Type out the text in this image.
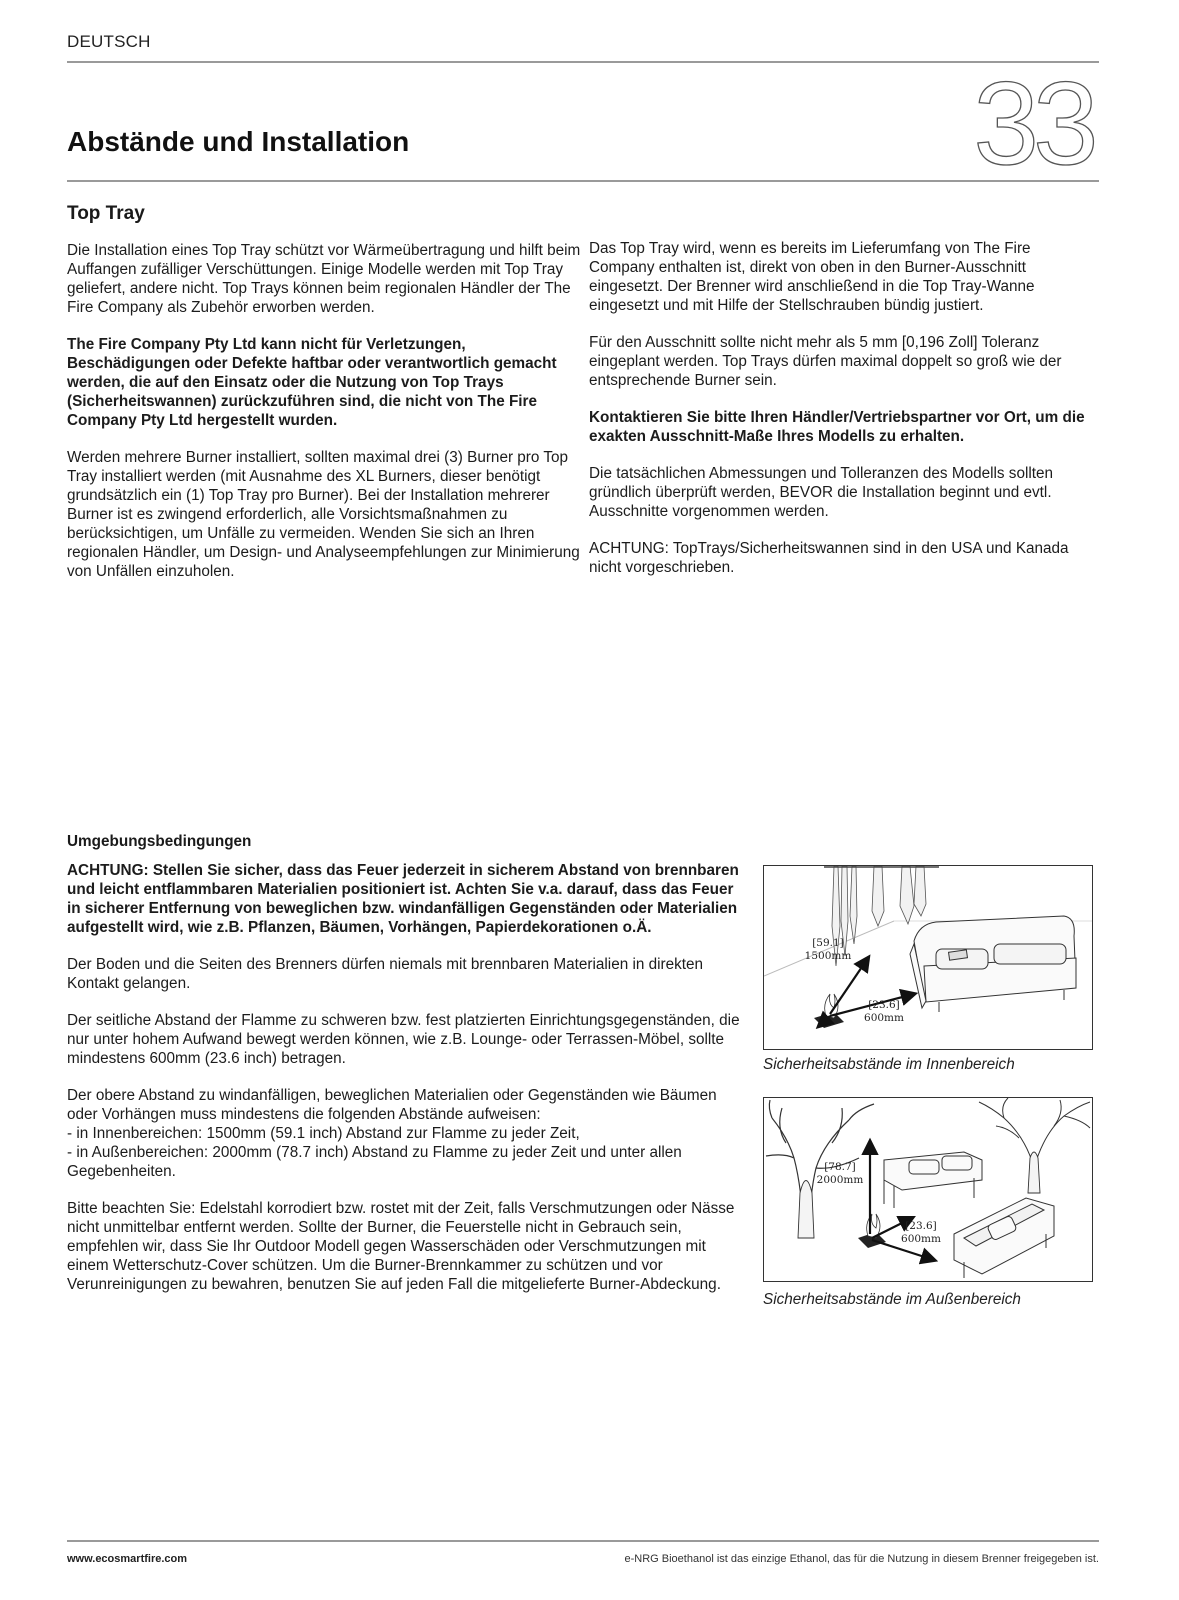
DEUTSCH
33
Abstände und Installation
Top Tray

Die Installation eines Top Tray schützt vor Wärmeübertragung und hilft beim Auffangen zufälliger Verschüttungen. Einige Modelle werden mit Top Tray geliefert, andere nicht. Top Trays können beim regionalen Händler der The Fire Company als Zubehör erworben werden.

The Fire Company Pty Ltd kann nicht für Verletzungen, Beschädigungen oder Defekte haftbar oder verantwortlich gemacht werden, die auf den Einsatz oder die Nutzung von Top Trays (Sicherheitswannen) zurückzuführen sind, die nicht von The Fire Company Pty Ltd hergestellt wurden.

Werden mehrere Burner installiert, sollten maximal drei (3) Burner pro Top Tray installiert werden (mit Ausnahme des XL Burners, dieser benötigt grundsätzlich ein (1) Top Tray pro Burner). Bei der Installation mehrerer Burner ist es zwingend erforderlich, alle Vorsichtsmaßnahmen zu berücksichtigen, um Unfälle zu vermeiden. Wenden Sie sich an Ihren regionalen Händler, um Design- und Analyseempfehlungen zur Minimierung von Unfällen einzuholen.

Das Top Tray wird, wenn es bereits im Lieferumfang von The Fire Company enthalten ist, direkt von oben in den Burner-Ausschnitt eingesetzt. Der Brenner wird anschließend in die Top Tray-Wanne eingesetzt und mit Hilfe der Stellschrauben bündig justiert.

Für den Ausschnitt sollte nicht mehr als 5 mm [0,196 Zoll] Toleranz eingeplant werden. Top Trays dürfen maximal doppelt so groß wie der entsprechende Burner sein.

Kontaktieren Sie bitte Ihren Händler/Vertriebspartner vor Ort, um die exakten Ausschnitt-Maße Ihres Modells zu erhalten.

Die tatsächlichen Abmessungen und Tolleranzen des Modells sollten gründlich überprüft werden, BEVOR die Installation beginnt und evtl. Ausschnitte vorgenommen werden.

ACHTUNG: TopTrays/Sicherheitswannen sind in den USA und Kanada nicht vorgeschrieben.

Umgebungsbedingungen

ACHTUNG: Stellen Sie sicher, dass das Feuer jederzeit in sicherem Abstand von brennbaren und leicht entflammbaren Materialien positioniert ist. Achten Sie v.a. darauf, dass das Feuer in sicherer Entfernung von beweglichen bzw. windanfälligen Gegenständen oder Materialien aufgestellt wird, wie z.B. Pflanzen, Bäumen, Vorhängen, Papierdekorationen o.Ä.

Der Boden und die Seiten des Brenners dürfen niemals mit brennbaren Materialien in direkten Kontakt gelangen.

Der seitliche Abstand der Flamme zu schweren bzw. fest platzierten Einrichtungsgegenständen, die nur unter hohem Aufwand bewegt werden können, wie z.B. Lounge- oder Terrassen-Möbel, sollte mindestens 600mm (23.6 inch) betragen.

Der obere Abstand zu windanfälligen, beweglichen Materialien oder Gegenständen wie Bäumen oder Vorhängen muss mindestens die folgenden Abstände aufweisen:
- in Innenbereichen: 1500mm (59.1 inch) Abstand zur Flamme zu jeder Zeit,
- in Außenbereichen: 2000mm (78.7 inch) Abstand zu Flamme zu jeder Zeit und unter allen Gegebenheiten.

Bitte beachten Sie: Edelstahl korrodiert bzw. rostet mit der Zeit, falls Verschmutzungen oder Nässe nicht unmittelbar entfernt werden. Sollte der Burner, die Feuerstelle nicht in Gebrauch sein, empfehlen wir, dass Sie Ihr Outdoor Modell gegen Wasserschäden oder Verschmutzungen mit einem Wetterschutz-Cover schützen. Um die Burner-Brennkammer zu schützen und vor Verunreinigungen zu bewahren, benutzen Sie auf jeden Fall die mitgelieferte Burner-Abdeckung.

[59.1]
1500mm
[23.6]
600mm
Sicherheitsabstände im Innenbereich
[78.7]
2000mm
[23.6]
600mm
Sicherheitsabstände im Außenbereich
www.ecosmartfire.com	e-NRG Bioethanol ist das einzige Ethanol, das für die Nutzung in diesem Brenner freigegeben ist.
